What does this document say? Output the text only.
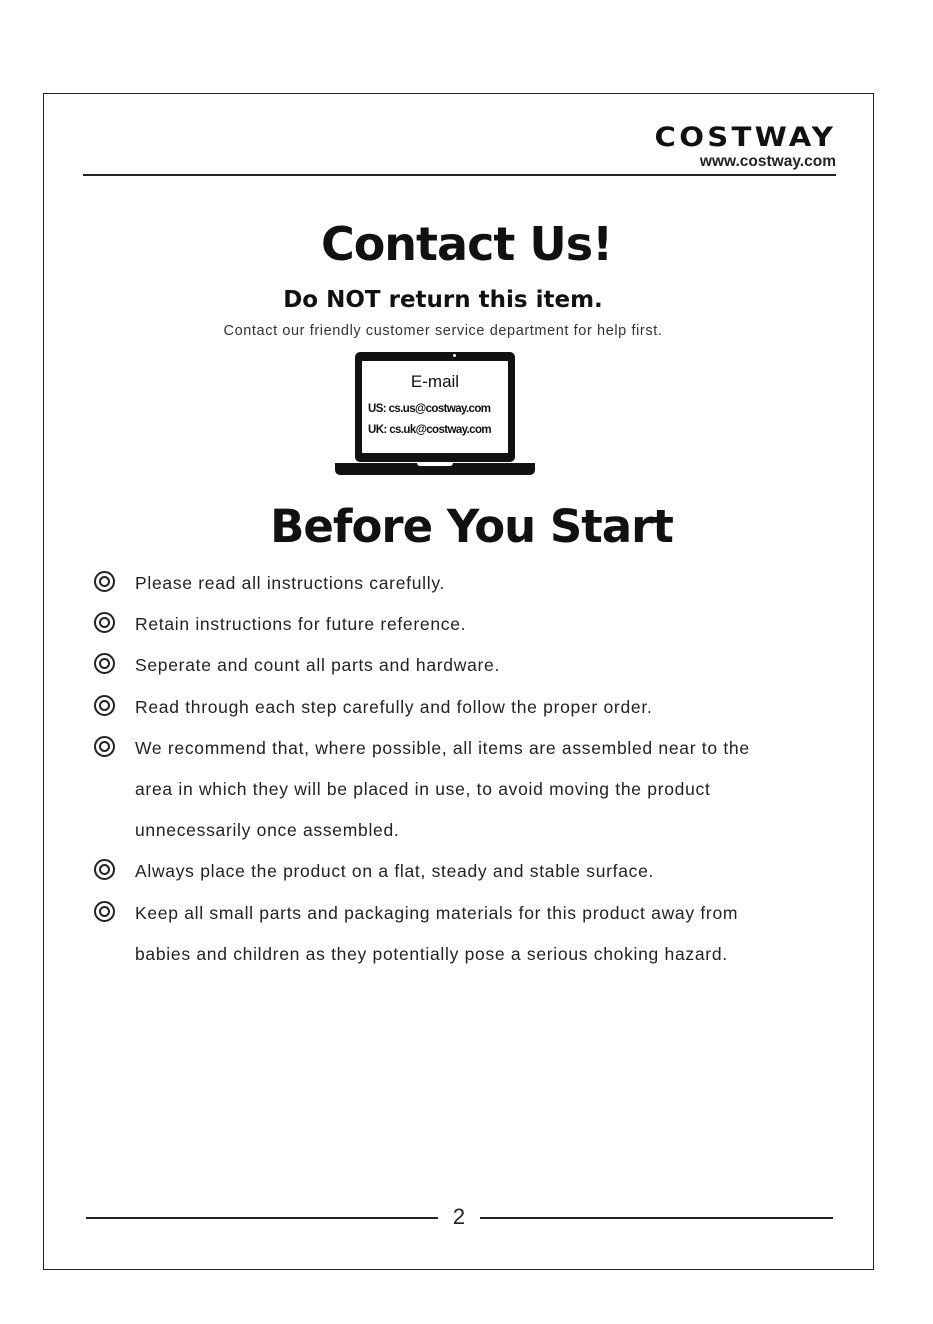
COSTWAY
www.costway.com
Contact Us!
Do NOT return this item.
Contact our friendly customer service department for help first.
E-mail
US: cs.us@costway.com
UK: cs.uk@costway.com
Before You Start
Please read all instructions carefully.
Retain instructions for future reference.
Seperate and count all parts and hardware.
Read through each step carefully and follow the proper order.
We recommend that, where possible, all items are assembled near to the
area in which they will be placed in use, to avoid moving the product
unnecessarily once assembled.
Always place the product on a flat, steady and stable surface.
Keep all small parts and packaging materials for this product away from
babies and children as they potentially pose a serious choking hazard.
2
